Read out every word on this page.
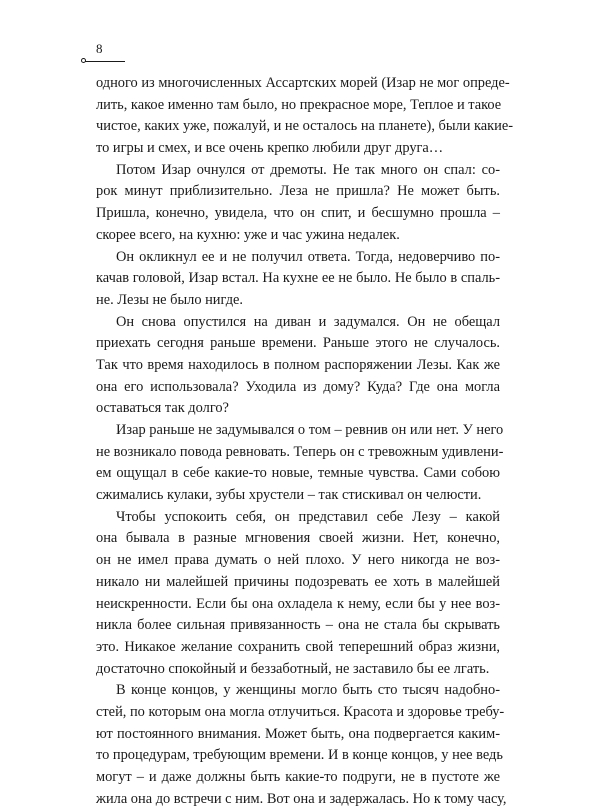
8
одного из многочисленных Ассартских морей (Изар не мог опреде-
лить, какое именно там было, но прекрасное море, Теплое и такое
чистое, каких уже, пожалуй, и не осталось на планете), были какие-
то игры и смех, и все очень крепко любили друг друга…
Потом Изар очнулся от дремоты. Не так много он спал: со-
рок минут приблизительно. Леза не пришла? Не может быть.
Пришла, конечно, увидела, что он спит, и бесшумно прошла –
скорее всего, на кухню: уже и час ужина недалек.
Он окликнул ее и не получил ответа. Тогда, недоверчиво по-
качав головой, Изар встал. На кухне ее не было. Не было в спаль-
не. Лезы не было нигде.
Он снова опустился на диван и задумался. Он не обещал
приехать сегодня раньше времени. Раньше этого не случалось.
Так что время находилось в полном распоряжении Лезы. Как же
она его использовала? Уходила из дому? Куда? Где она могла
оставаться так долго?
Изар раньше не задумывался о том – ревнив он или нет. У него
не возникало повода ревновать. Теперь он с тревожным удивлени-
ем ощущал в себе какие-то новые, темные чувства. Сами собою
сжимались кулаки, зубы хрустели – так стискивал он челюсти.
Чтобы успокоить себя, он представил себе Лезу – какой
она бывала в разные мгновения своей жизни. Нет, конечно,
он не имел права думать о ней плохо. У него никогда не воз-
никало ни малейшей причины подозревать ее хоть в малейшей
неискренности. Если бы она охладела к нему, если бы у нее воз-
никла более сильная привязанность – она не стала бы скрывать
это. Никакое желание сохранить свой теперешний образ жизни,
достаточно спокойный и беззаботный, не заставило бы ее лгать.
В конце концов, у женщины могло быть сто тысяч надобно-
стей, по которым она могла отлучиться. Красота и здоровье требу-
ют постоянного внимания. Может быть, она подвергается каким-
то процедурам, требующим времени. И в конце концов, у нее ведь
могут – и даже должны быть какие-то подруги, не в пустоте же
жила она до встречи с ним. Вот она и задержалась. Но к тому часу,
